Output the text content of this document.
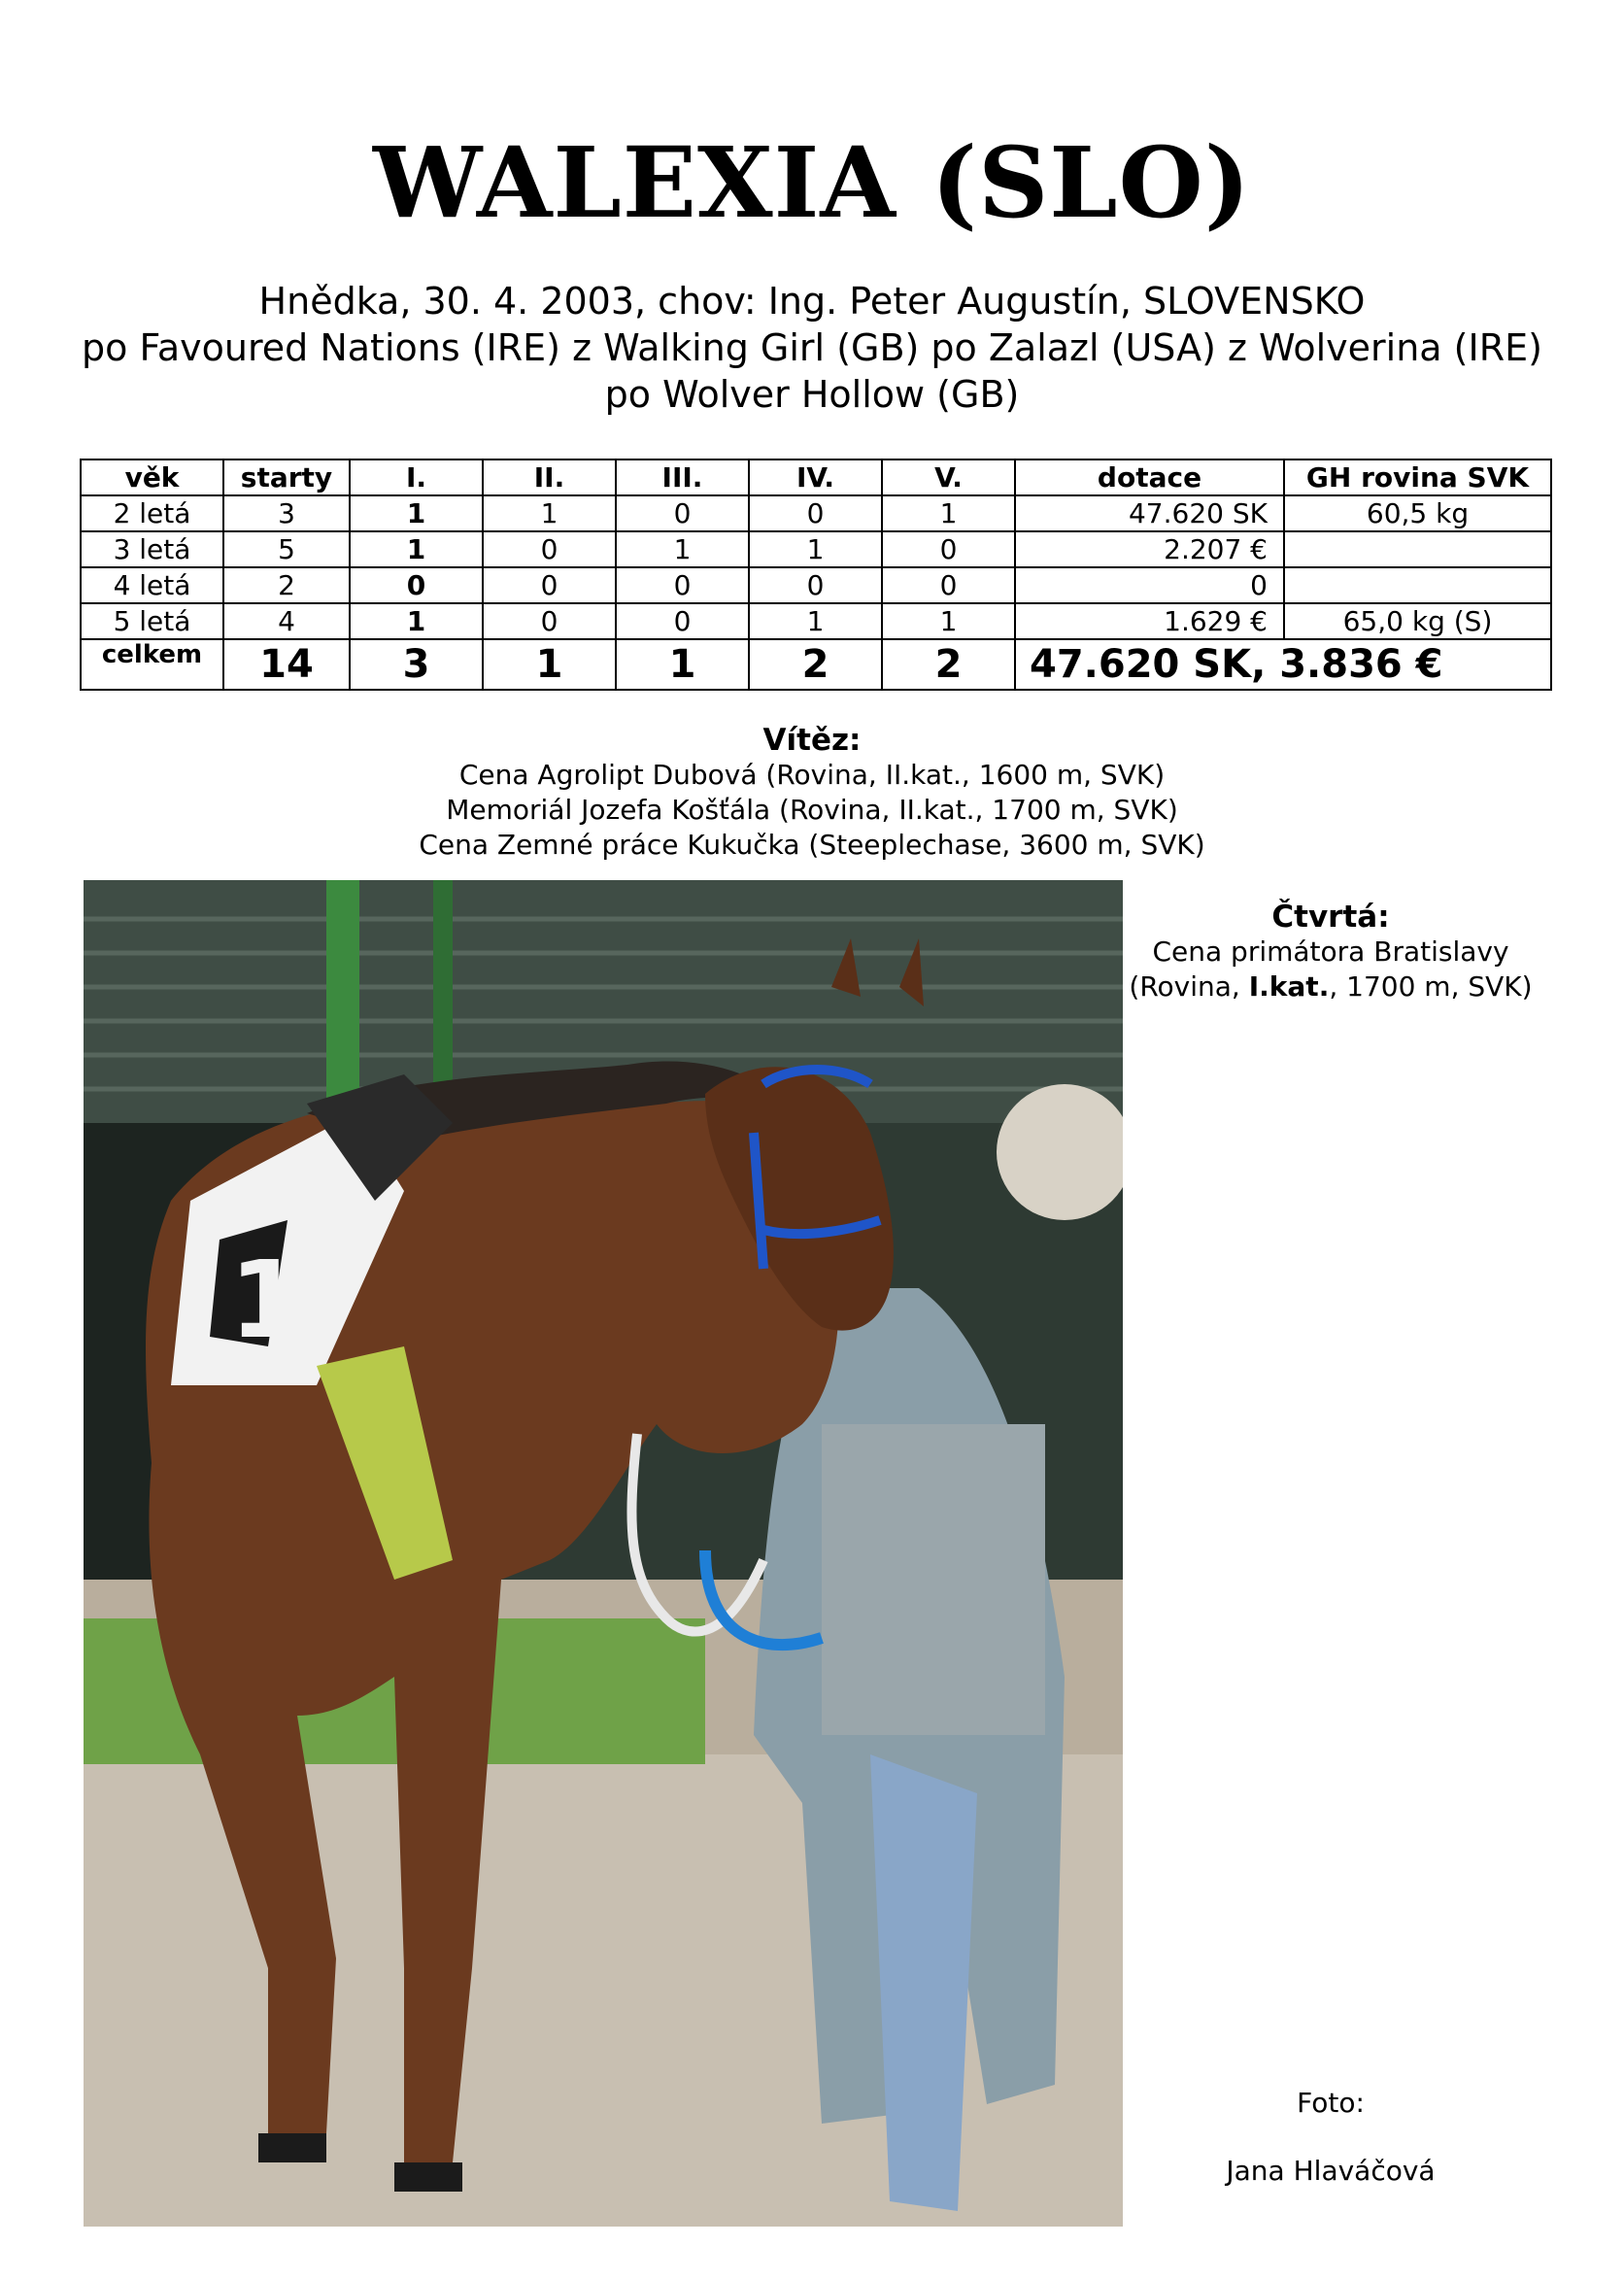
WALEXIA (SLO)
Hnědka, 30. 4. 2003, chov: Ing. Peter Augustín, SLOVENSKO
po Favoured Nations (IRE) z Walking Girl (GB) po Zalazl (USA) z Wolverina (IRE)
po Wolver Hollow (GB)
věk	starty	I.	II.	III.	IV.	V.	dotace	GH rovina SVK
2 letá	3	1	1	0	0	1	47.620 SK	60,5 kg
3 letá	5	1	0	1	1	0	2.207 €	
4 letá	2	0	0	0	0	0	0	
5 letá	4	1	0	0	1	1	1.629 €	65,0 kg (S)
celkem	14	3	1	1	2	2	47.620 SK, 3.836 €	
Vítěz:
Cena Agrolipt Dubová (Rovina, II.kat., 1600 m, SVK)
Memoriál Jozefa Košťála (Rovina, II.kat., 1700 m, SVK)
Cena Zemné práce Kukučka (Steeplechase, 3600 m, SVK)
Čtvrtá:
Cena primátora Bratislavy
(Rovina, I.kat., 1700 m, SVK)
1
Foto:
Jana Hlaváčová
